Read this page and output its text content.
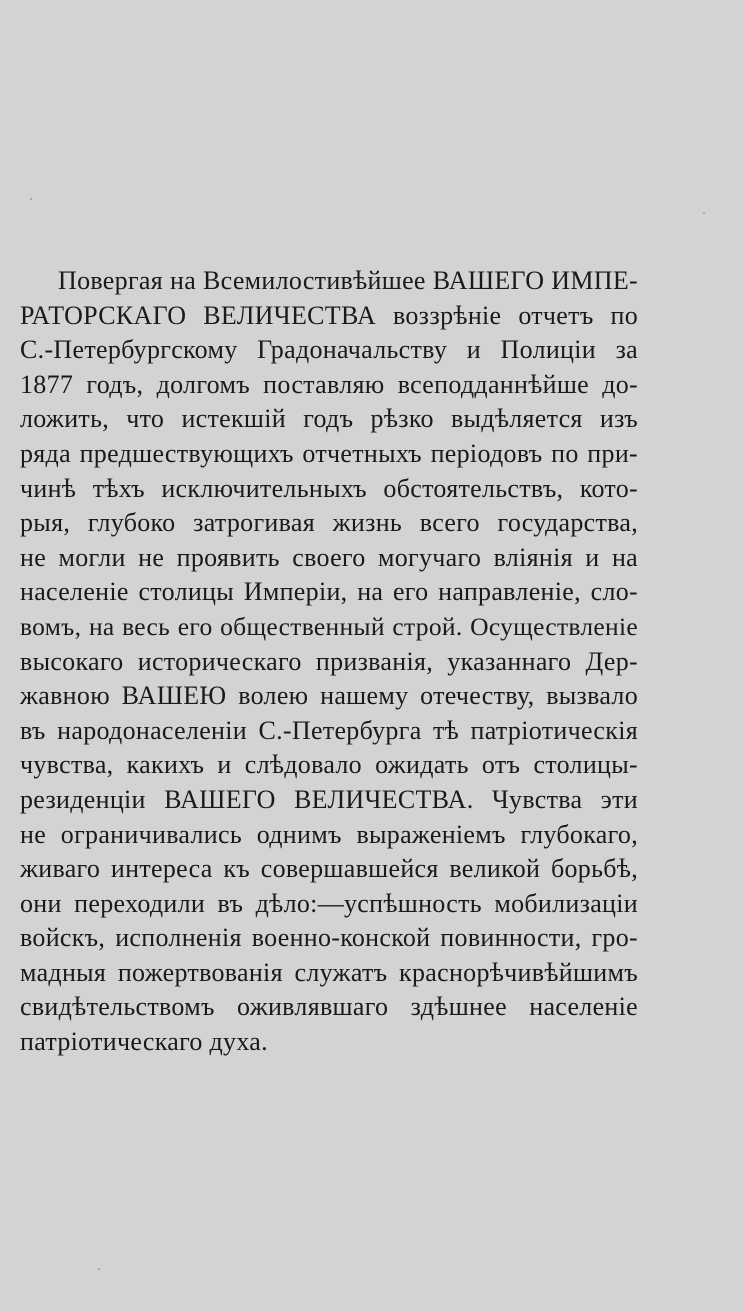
Повергая на Всемилостивѣйшее ВАШЕГО ИМПЕ-
РАТОРСКАГО ВЕЛИЧЕСТВА воззрѣніе отчетъ по
С.-Петербургскому Градоначальству и Полиціи за
1877 годъ, долгомъ поставляю всеподданнѣйше до-
ложить, что истекшій годъ рѣзко выдѣляется изъ
ряда предшествующихъ отчетныхъ періодовъ по при-
чинѣ тѣхъ исключительныхъ обстоятельствъ, кото-
рыя, глубоко затрогивая жизнь всего государства,
не могли не проявить своего могучаго вліянія и на
населеніе столицы Имперіи, на его направленіе, сло-
вомъ, на весь его общественный строй. Осуществленіе
высокаго историческаго призванія, указаннаго Дер-
жавною ВАШЕЮ волею нашему отечеству, вызвало
въ народонаселеніи С.-Петербурга тѣ патріотическія
чувства, какихъ и слѣдовало ожидать отъ столицы-
резиденціи ВАШЕГО ВЕЛИЧЕСТВА. Чувства эти
не ограничивались однимъ выраженіемъ глубокаго,
живаго интереса къ совершавшейся великой борьбѣ,
они переходили въ дѣло:—успѣшность мобилизаціи
войскъ, исполненія военно-конской повинности, гро-
мадныя пожертвованія служатъ краснорѣчивѣйшимъ
свидѣтельствомъ оживлявшаго здѣшнее населеніе
патріотическаго духа.
